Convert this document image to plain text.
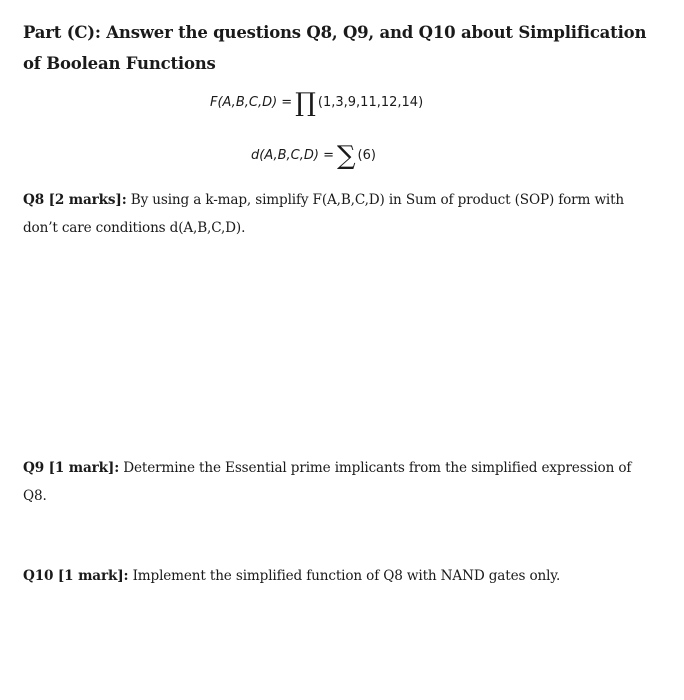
Part (C): Answer the questions Q8, Q9, and Q10 about Simplification of Boolean Functions
F(A,B,C,D) = ∏ (1,3,9,11,12,14)
d(A,B,C,D) = ∑ (6)
Q8 [2 marks]: By using a k-map, simplify F(A,B,C,D) in Sum of product (SOP) form with don’t care conditions d(A,B,C,D).
Q9 [1 mark]: Determine the Essential prime implicants from the simplified expression of Q8.
Q10 [1 mark]: Implement the simplified function of Q8 with NAND gates only.
